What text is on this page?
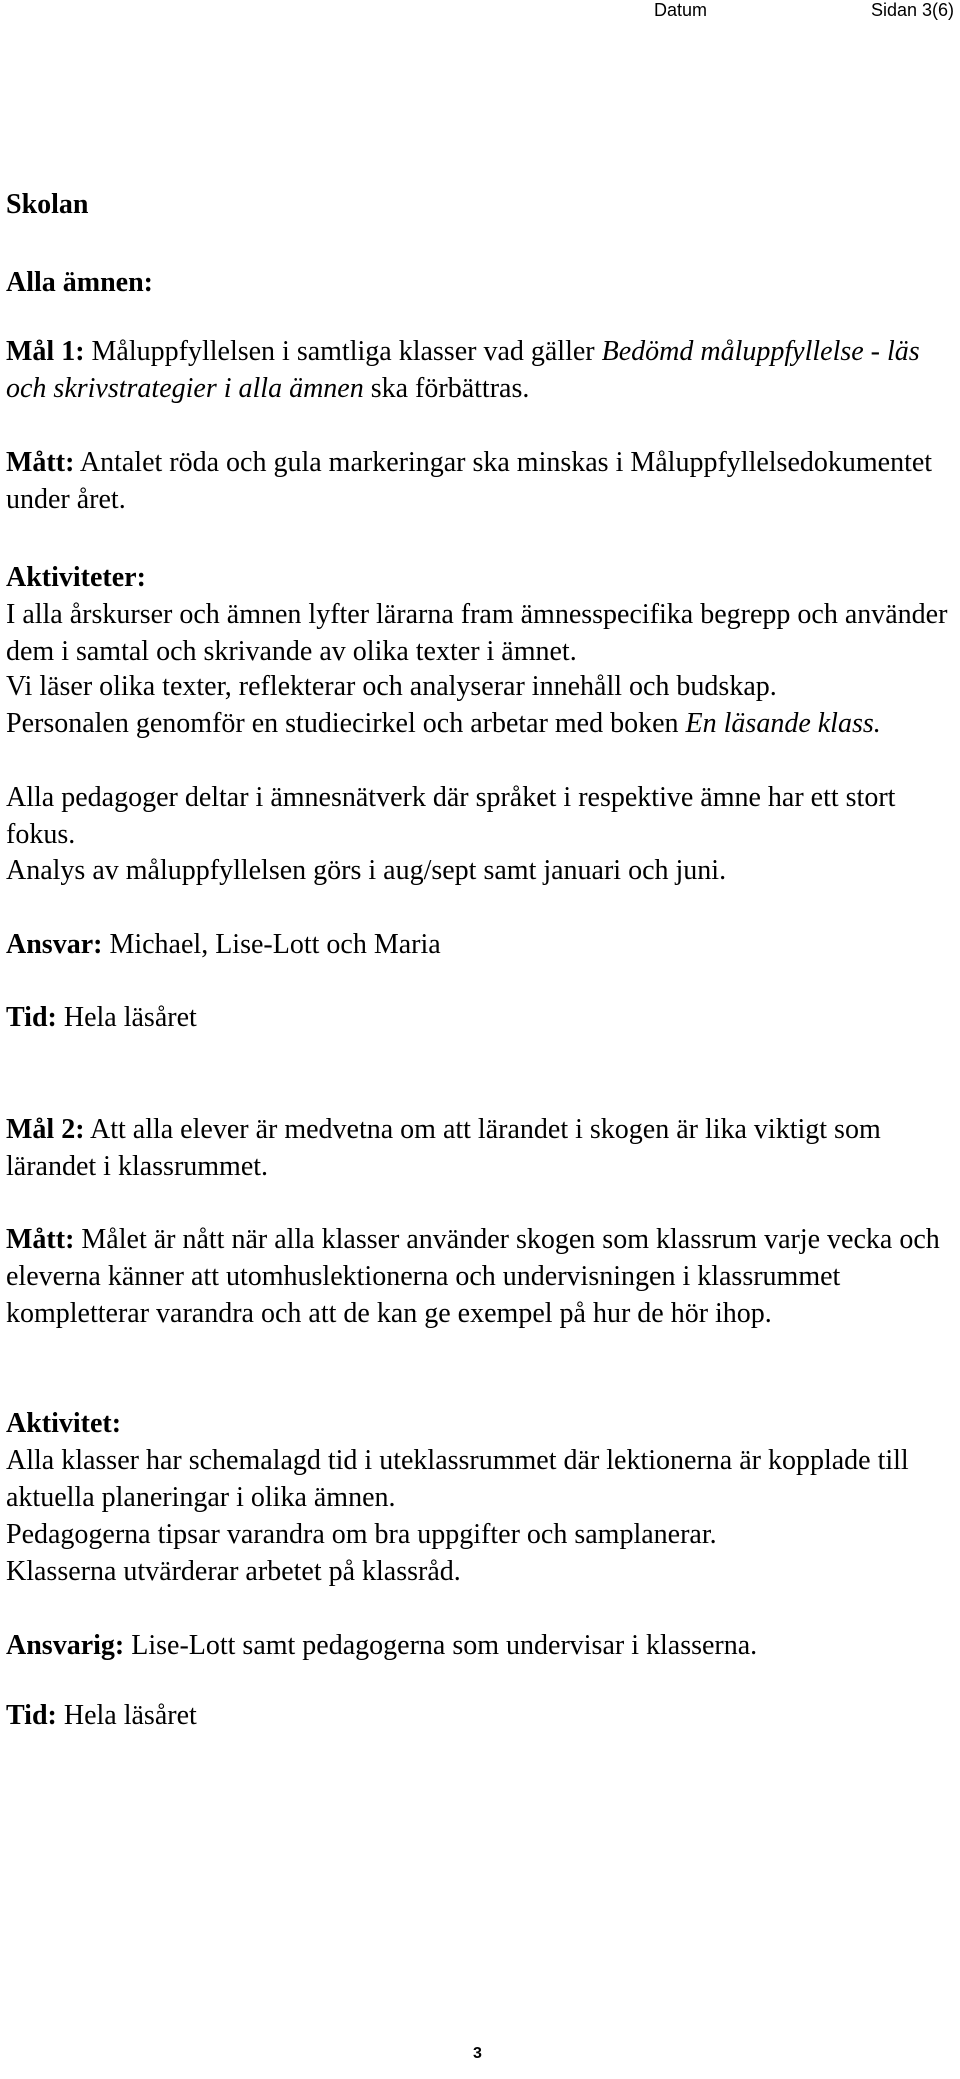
Datum	Sidan 3(6)

Skolan

Alla ämnen:

Mål 1: Måluppfyllelsen i samtliga klasser vad gäller Bedömd måluppfyllelse - läs och skrivstrategier i alla ämnen ska förbättras.

Mått: Antalet röda och gula markeringar ska minskas i Måluppfyllelsedokumentet under året.

Aktiviteter:

I alla årskurser och ämnen lyfter lärarna fram ämnesspecifika begrepp och använder dem i samtal och skrivande av olika texter i ämnet.

Vi läser olika texter, reflekterar och analyserar innehåll och budskap.

Personalen genomför en studiecirkel och arbetar med boken En läsande klass.

Alla pedagoger deltar i ämnesnätverk där språket i respektive ämne har ett stort fokus.

Analys av måluppfyllelsen görs i aug/sept samt januari och juni.

Ansvar: Michael, Lise-Lott och Maria

Tid: Hela läsåret

Mål 2: Att alla elever är medvetna om att lärandet i skogen är lika viktigt som lärandet i klassrummet.

Mått: Målet är nått när alla klasser använder skogen som klassrum varje vecka och eleverna känner att utomhuslektionerna och undervisningen i klassrummet kompletterar varandra och att de kan ge exempel på hur de hör ihop.

Aktivitet:

Alla klasser har schemalagd tid i uteklassrummet där lektionerna är kopplade till aktuella planeringar i olika ämnen.

Pedagogerna tipsar varandra om bra uppgifter och samplanerar.

Klasserna utvärderar arbetet på klassråd.

Ansvarig: Lise-Lott samt pedagogerna som undervisar i klasserna.

Tid: Hela läsåret

3
